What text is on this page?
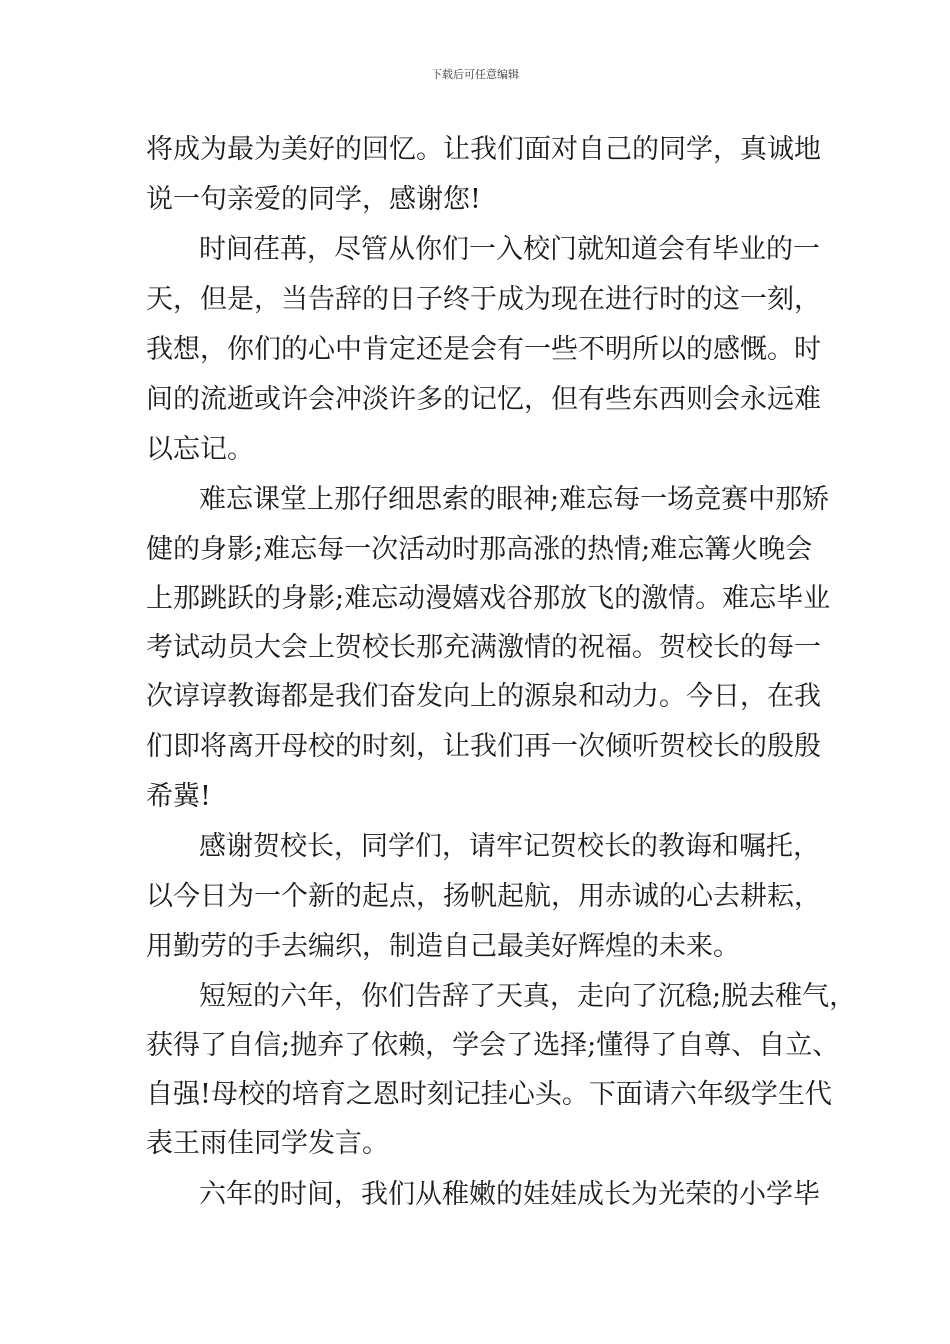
下载后可任意编辑
将成为最为美好的回忆。让我们面对自己的同学，真诚地
说一句亲爱的同学，感谢您!
时间荏苒，尽管从你们一入校门就知道会有毕业的一
天，但是，当告辞的日子终于成为现在进行时的这一刻，
我想，你们的心中肯定还是会有一些不明所以的感慨。时
间的流逝或许会冲淡许多的记忆，但有些东西则会永远难
以忘记。
难忘课堂上那仔细思索的眼神;难忘每一场竞赛中那矫
健的身影;难忘每一次活动时那高涨的热情;难忘篝火晚会
上那跳跃的身影;难忘动漫嬉戏谷那放飞的激情。难忘毕业
考试动员大会上贺校长那充满激情的祝福。贺校长的每一
次谆谆教诲都是我们奋发向上的源泉和动力。今日，在我
们即将离开母校的时刻，让我们再一次倾听贺校长的殷殷
希冀!
感谢贺校长，同学们，请牢记贺校长的教诲和嘱托，
以今日为一个新的起点，扬帆起航，用赤诚的心去耕耘，
用勤劳的手去编织，制造自己最美好辉煌的未来。
短短的六年，你们告辞了天真，走向了沉稳;脱去稚气，
获得了自信;抛弃了依赖，学会了选择;懂得了自尊、自立、
自强!母校的培育之恩时刻记挂心头。下面请六年级学生代
表王雨佳同学发言。
六年的时间，我们从稚嫩的娃娃成长为光荣的小学毕
